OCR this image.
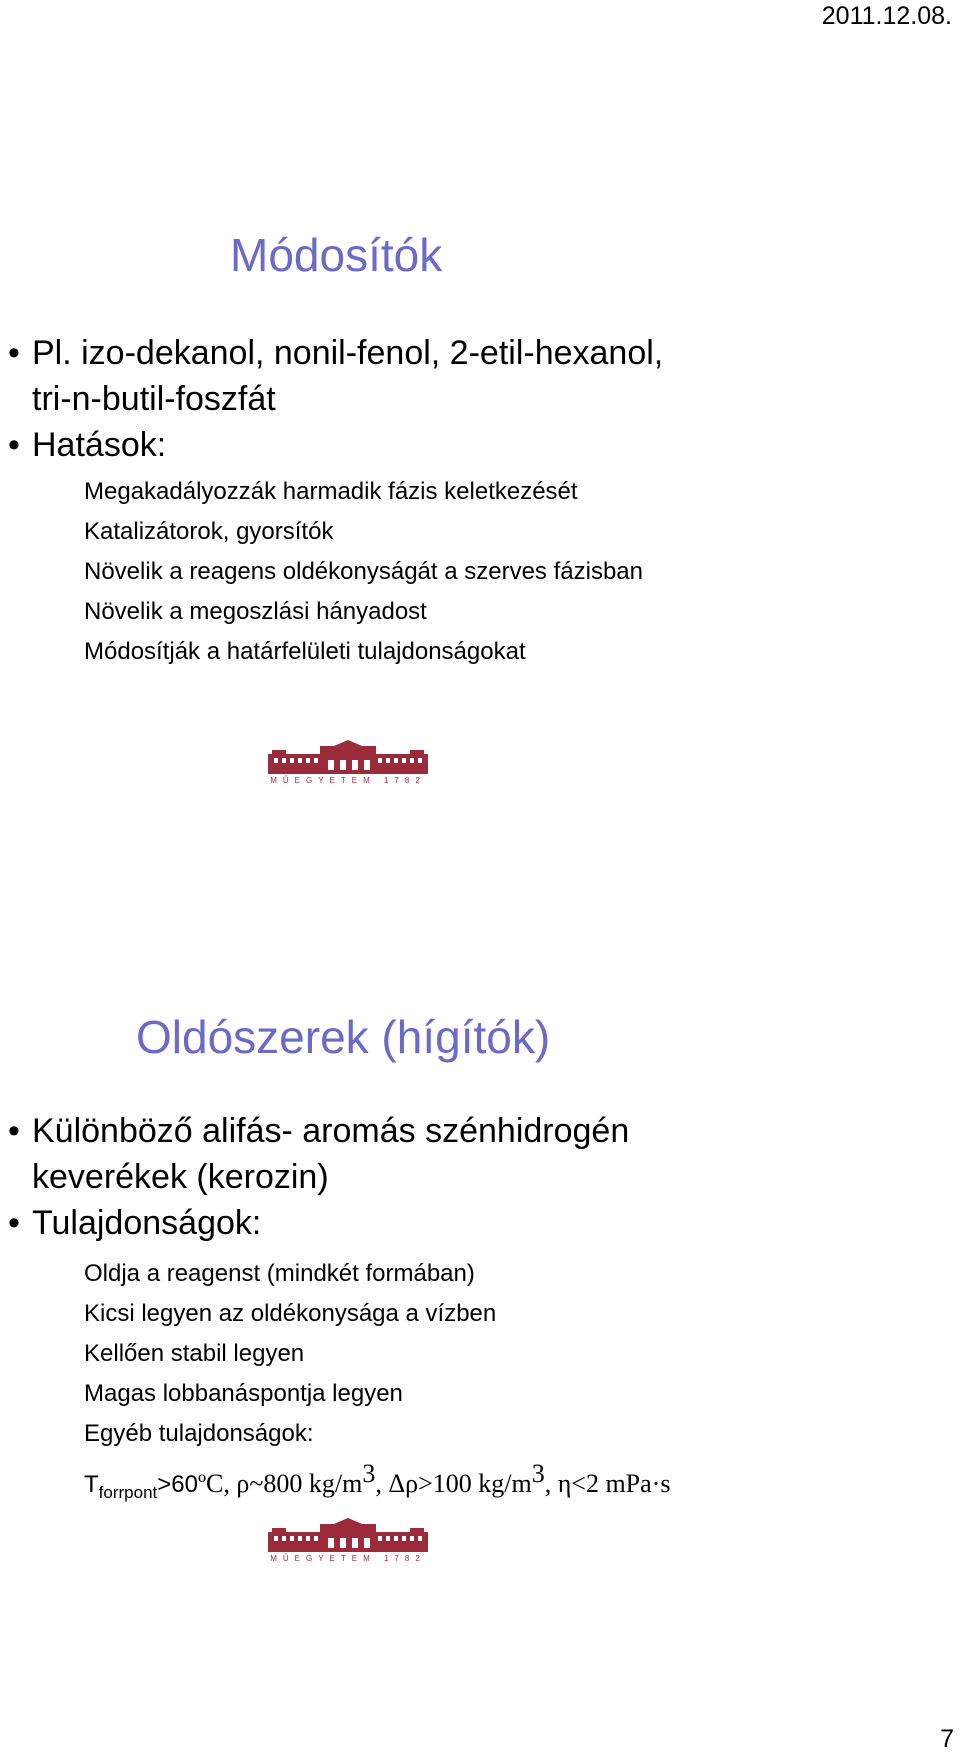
2011.12.08.
Módosítók
• Pl. izo-dekanol, nonil-fenol, 2-etil-hexanol, tri-n-butil-foszfát
• Hatások:
Megakadályozzák harmadik fázis keletkezését
Katalizátorok, gyorsítók
Növelik a reagens oldékonyságát a szerves fázisban
Növelik a megoszlási hányadost
Módosítják a határfelületi tulajdonságokat
MŰEGYETEM 1782
Oldószerek (hígítók)
• Különböző alifás- aromás szénhidrogén keverékek (kerozin)
• Tulajdonságok:
Oldja a reagenst (mindkét formában)
Kicsi legyen az oldékonysága a vízben
Kellően stabil legyen
Magas lobbanáspontja legyen
Egyéb tulajdonságok:
$T_{forrpont}>60ºC$, ρ~800 $kg/m^3$, Δρ>100 $kg/m^3$, η<2 mPa·s
MŰEGYETEM 1782
7
